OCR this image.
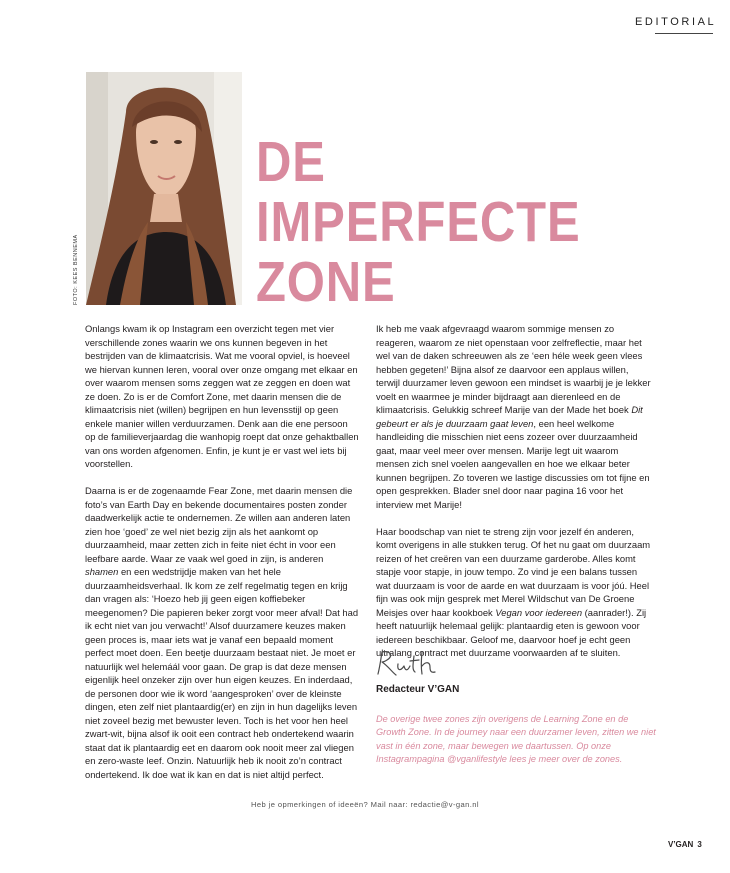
EDITORIAL
FOTO: KEES BENNEMA
DE
IMPERFECTE
ZONE

Onlangs kwam ik op Instagram een overzicht tegen met vier verschillende zones waarin we ons kunnen begeven in het bestrijden van de klimaatcrisis. Wat me vooral opviel, is hoeveel we hiervan kunnen leren, vooral over onze omgang met elkaar en over waarom mensen soms zeggen wat ze zeggen en doen wat ze doen. Zo is er de Comfort Zone, met daarin mensen die de klimaatcrisis niet (willen) begrijpen en hun levensstijl op geen enkele manier willen verduurzamen. Denk aan die ene persoon op de familieverjaardag die wanhopig roept dat onze gehaktballen van ons worden afgenomen. Enfin, je kunt je er vast wel iets bij voorstellen.

Daarna is er de zogenaamde Fear Zone, met daarin mensen die foto’s van Earth Day en bekende documentaires posten zonder daadwerkelijk actie te ondernemen. Ze willen aan anderen laten zien hoe ‘goed’ ze wel niet bezig zijn als het aankomt op duurzaamheid, maar zetten zich in feite niet écht in voor een leefbare aarde. Waar ze vaak wel goed in zijn, is anderen shamen en een wedstrijdje maken van het hele duurzaamheidsverhaal. Ik kom ze zelf regelmatig tegen en krijg dan vragen als: ‘Hoezo heb jij geen eigen koffiebeker meegenomen? Die papieren beker zorgt voor meer afval! Dat had ik echt niet van jou verwacht!’ Alsof duurzamere keuzes maken geen proces is, maar iets wat je vanaf een bepaald moment perfect moet doen. Een beetje duurzaam bestaat niet. Je moet er natuurlijk wel helemáál voor gaan. De grap is dat deze mensen eigenlijk heel onzeker zijn over hun eigen keuzes. En inderdaad, de personen door wie ik word ‘aangesproken’ over de kleinste dingen, eten zelf niet plantaardig(er) en zijn in hun dagelijks leven niet zoveel bezig met bewuster leven. Toch is het voor hen heel zwart-wit, bijna alsof ik ooit een contract heb ondertekend waarin staat dat ik plantaardig eet en daarom ook nooit meer zal vliegen en zero-waste leef. Onzin. Natuurlijk heb ik nooit zo’n contract ondertekend. Ik doe wat ik kan en dat is niet altijd perfect.

Ik heb me vaak afgevraagd waarom sommige mensen zo reageren, waarom ze niet openstaan voor zelfreflectie, maar het wel van de daken schreeuwen als ze ‘een héle week geen vlees hebben gegeten!’ Bijna alsof ze daarvoor een applaus willen, terwijl duurzamer leven gewoon een mindset is waarbij je je lekker voelt en waarmee je minder bijdraagt aan dierenleed en de klimaatcrisis. Gelukkig schreef Marije van der Made het boek Dit gebeurt er als je duurzaam gaat leven, een heel welkome handleiding die misschien niet eens zozeer over duurzaamheid gaat, maar veel meer over mensen. Marije legt uit waarom mensen zich snel voelen aangevallen en hoe we elkaar beter kunnen begrijpen. Zo toveren we lastige discussies om tot fijne en open gesprekken. Blader snel door naar pagina 16 voor het interview met Marije!

Haar boodschap van niet te streng zijn voor jezelf én anderen, komt overigens in alle stukken terug. Of het nu gaat om duurzaam reizen of het creëren van een duurzame garderobe. Alles komt stapje voor stapje, in jouw tempo. Zo vind je een balans tussen wat duurzaam is voor de aarde en wat duurzaam is voor jóú. Heel fijn was ook mijn gesprek met Merel Wildschut van De Groene Meisjes over haar kookboek Vegan voor iedereen (aanrader!). Zij heeft natuurlijk helemaal gelijk: plantaardig eten is gewoon voor iedereen beschikbaar. Geloof me, daarvoor hoef je echt geen ultralang contract met duurzame voorwaarden af te sluiten.

Redacteur V’GAN
De overige twee zones zijn overigens de Learning Zone en de Growth Zone. In de journey naar een duurzamer leven, zitten we niet vast in één zone, maar bewegen we daartussen. Op onze Instagrampagina @vganlifestyle lees je meer over de zones.
Heb je opmerkingen of ideeën? Mail naar: redactie@v-gan.nl
V’GAN 3
